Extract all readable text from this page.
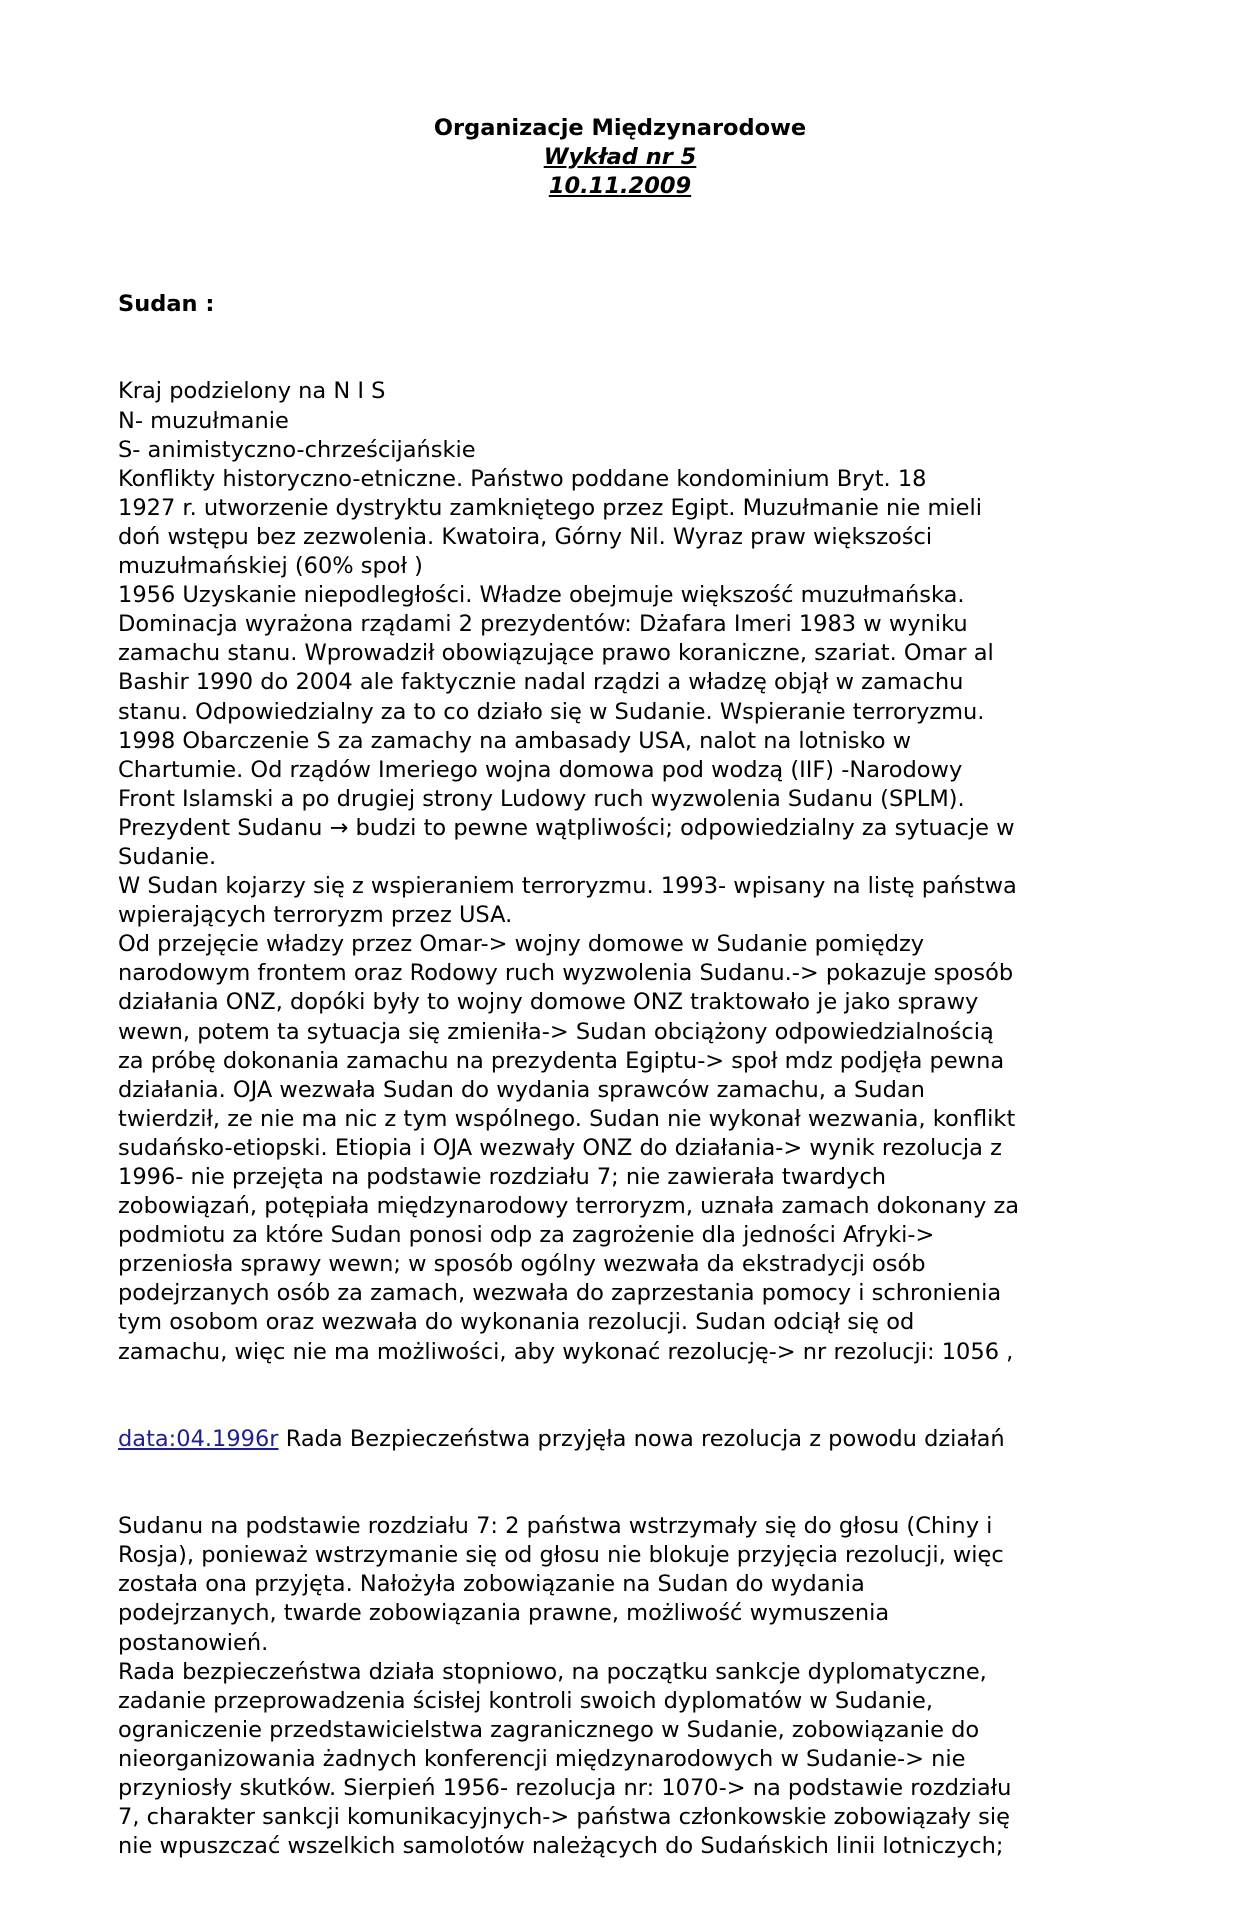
Organizacje Międzynarodowe
Wykład nr 5
10.11.2009

Sudan :

Kraj podzielony na N I S
N- muzułmanie
S- animistyczno-chrześcijańskie
Konflikty historyczno-etniczne. Państwo poddane kondominium Bryt. 18
1927 r. utworzenie dystryktu zamkniętego przez Egipt. Muzułmanie nie mieli
doń wstępu bez zezwolenia. Kwatoira, Górny Nil. Wyraz praw większości
muzułmańskiej (60% społ )
1956 Uzyskanie niepodległości. Władze obejmuje większość muzułmańska.
Dominacja wyrażona rządami 2 prezydentów: Dżafara Imeri 1983 w wyniku
zamachu stanu. Wprowadził obowiązujące prawo koraniczne, szariat. Omar al
Bashir 1990 do 2004 ale faktycznie nadal rządzi a władzę objął w zamachu
stanu. Odpowiedzialny za to co działo się w Sudanie. Wspieranie terroryzmu.
1998 Obarczenie S za zamachy na ambasady USA, nalot na lotnisko w
Chartumie. Od rządów Imeriego wojna domowa pod wodzą (IIF) -Narodowy
Front Islamski a po drugiej strony Ludowy ruch wyzwolenia Sudanu (SPLM).
Prezydent Sudanu → budzi to pewne wątpliwości; odpowiedzialny za sytuacje w
Sudanie.
W Sudan kojarzy się z wspieraniem terroryzmu. 1993- wpisany na listę państwa
wpierających terroryzm przez USA.
Od przejęcie władzy przez Omar-> wojny domowe w Sudanie pomiędzy
narodowym frontem oraz Rodowy ruch wyzwolenia Sudanu.-> pokazuje sposób
działania ONZ, dopóki były to wojny domowe ONZ traktowało je jako sprawy
wewn, potem ta sytuacja się zmieniła-> Sudan obciążony odpowiedzialnością
za próbę dokonania zamachu na prezydenta Egiptu-> społ mdz podjęła pewna
działania. OJA wezwała Sudan do wydania sprawców zamachu, a Sudan
twierdził, ze nie ma nic z tym wspólnego. Sudan nie wykonał wezwania, konflikt
sudańsko-etiopski. Etiopia i OJA wezwały ONZ do działania-> wynik rezolucja z
1996- nie przejęta na podstawie rozdziału 7; nie zawierała twardych
zobowiązań, potępiała międzynarodowy terroryzm, uznała zamach dokonany za
podmiotu za które Sudan ponosi odp za zagrożenie dla jedności Afryki->
przeniosła sprawy wewn; w sposób ogólny wezwała da ekstradycji osób
podejrzanych osób za zamach, wezwała do zaprzestania pomocy i schronienia
tym osobom oraz wezwała do wykonania rezolucji. Sudan odciął się od
zamachu, więc nie ma możliwości, aby wykonać rezolucję-> nr rezolucji: 1056 ,

data:04.1996r Rada Bezpieczeństwa przyjęła nowa rezolucja z powodu działań

Sudanu na podstawie rozdziału 7: 2 państwa wstrzymały się do głosu (Chiny i
Rosja), ponieważ wstrzymanie się od głosu nie blokuje przyjęcia rezolucji, więc
została ona przyjęta. Nałożyła zobowiązanie na Sudan do wydania
podejrzanych, twarde zobowiązania prawne, możliwość wymuszenia
postanowień.
Rada bezpieczeństwa działa stopniowo, na początku sankcje dyplomatyczne,
zadanie przeprowadzenia ścisłej kontroli swoich dyplomatów w Sudanie,
ograniczenie przedstawicielstwa zagranicznego w Sudanie, zobowiązanie do
nieorganizowania żadnych konferencji międzynarodowych w Sudanie-> nie
przyniosły skutków. Sierpień 1956- rezolucja nr: 1070-> na podstawie rozdziału
7, charakter sankcji komunikacyjnych-> państwa członkowskie zobowiązały się
nie wpuszczać wszelkich samolotów należących do Sudańskich linii lotniczych;
